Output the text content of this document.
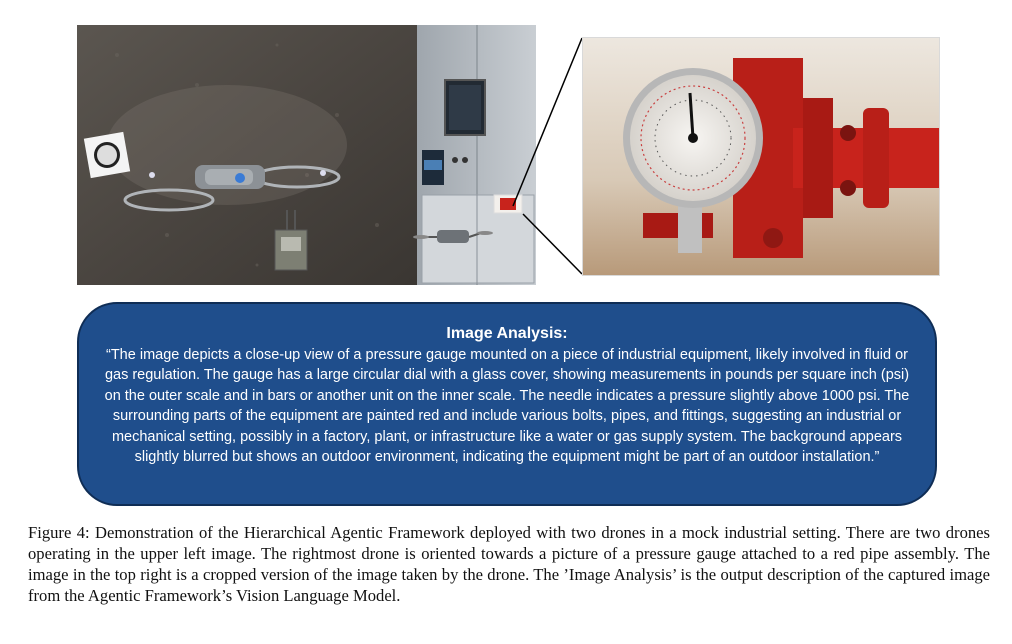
Image Analysis:
“The image depicts a close-up view of a pressure gauge mounted on a piece of industrial equipment, likely involved in fluid or gas regulation. The gauge has a large circular dial with a glass cover, showing measurements in pounds per square inch (psi) on the outer scale and in bars or another unit on the inner scale. The needle indicates a pressure slightly above 1000 psi. The surrounding parts of the equipment are painted red and include various bolts, pipes, and fittings, suggesting an industrial or mechanical setting, possibly in a factory, plant, or infrastructure like a water or gas supply system. The background appears slightly blurred but shows an outdoor environment, indicating the equipment might be part of an outdoor installation.”
Figure 4: Demonstration of the Hierarchical Agentic Framework deployed with two drones in a mock industrial setting. There are two drones operating in the upper left image. The rightmost drone is oriented towards a picture of a pressure gauge attached to a red pipe assembly. The image in the top right is a cropped version of the image taken by the drone. The ’Image Analysis’ is the output description of the captured image from the Agentic Framework’s Vision Language Model.
